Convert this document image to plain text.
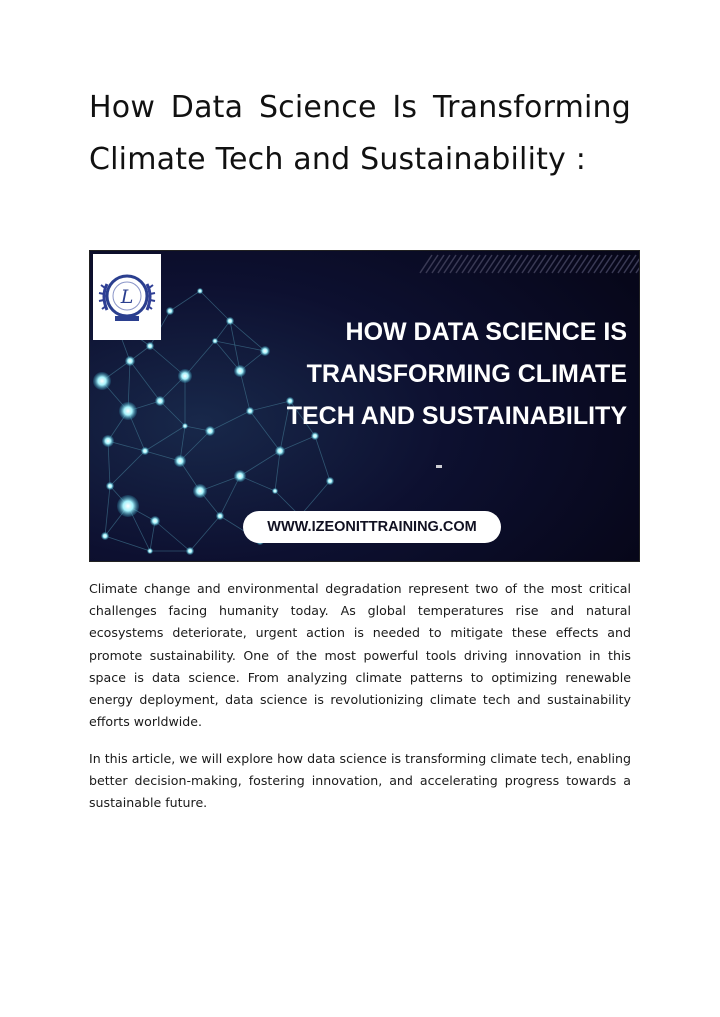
How Data Science Is Transforming Climate Tech and Sustainability :
L
HOW DATA SCIENCE IS
TRANSFORMING CLIMATE
TECH AND SUSTAINABILITY
WWW.IZEONITTRAINING.COM

Climate change and environmental degradation represent two of the most critical challenges facing humanity today. As global temperatures rise and natural ecosystems deteriorate, urgent action is needed to mitigate these effects and promote sustainability. One of the most powerful tools driving innovation in this space is data science. From analyzing climate patterns to optimizing renewable energy deployment, data science is revolutionizing climate tech and sustainability efforts worldwide.

In this article, we will explore how data science is transforming climate tech, enabling better decision-making, fostering innovation, and accelerating progress towards a sustainable future.
